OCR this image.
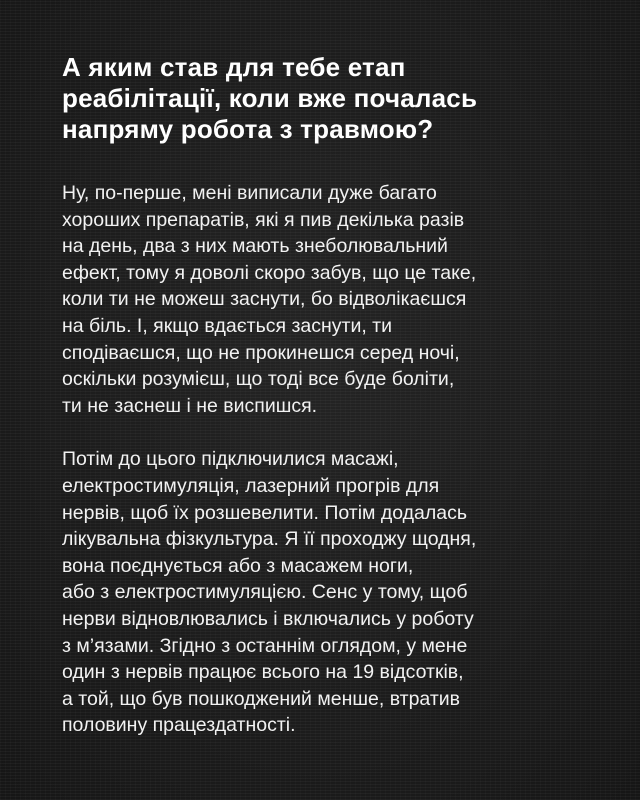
А яким став для тебе етап
реабілітації, коли вже почалась
напряму робота з травмою?

Ну, по-перше, мені виписали дуже багато
хороших препаратів, які я пив декілька разів
на день, два з них мають знеболювальний
ефект, тому я доволі скоро забув, що це таке,
коли ти не можеш заснути, бо відволікаєшся
на біль. І, якщо вдається заснути, ти
сподіваєшся, що не прокинешся серед ночі,
оскільки розумієш, що тоді все буде боліти,
ти не заснеш і не виспишся.

Потім до цього підключилися масажі,
електростимуляція, лазерний прогрів для
нервів, щоб їх розшевелити. Потім додалась
лікувальна фізкультура. Я її проходжу щодня,
вона поєднується або з масажем ноги,
або з електростимуляцією. Сенс у тому, щоб
нерви відновлювались і включались у роботу
з м’язами. Згідно з останнім оглядом, у мене
один з нервів працює всього на 19 відсотків,
а той, що був пошкоджений менше, втратив
половину працездатності.
